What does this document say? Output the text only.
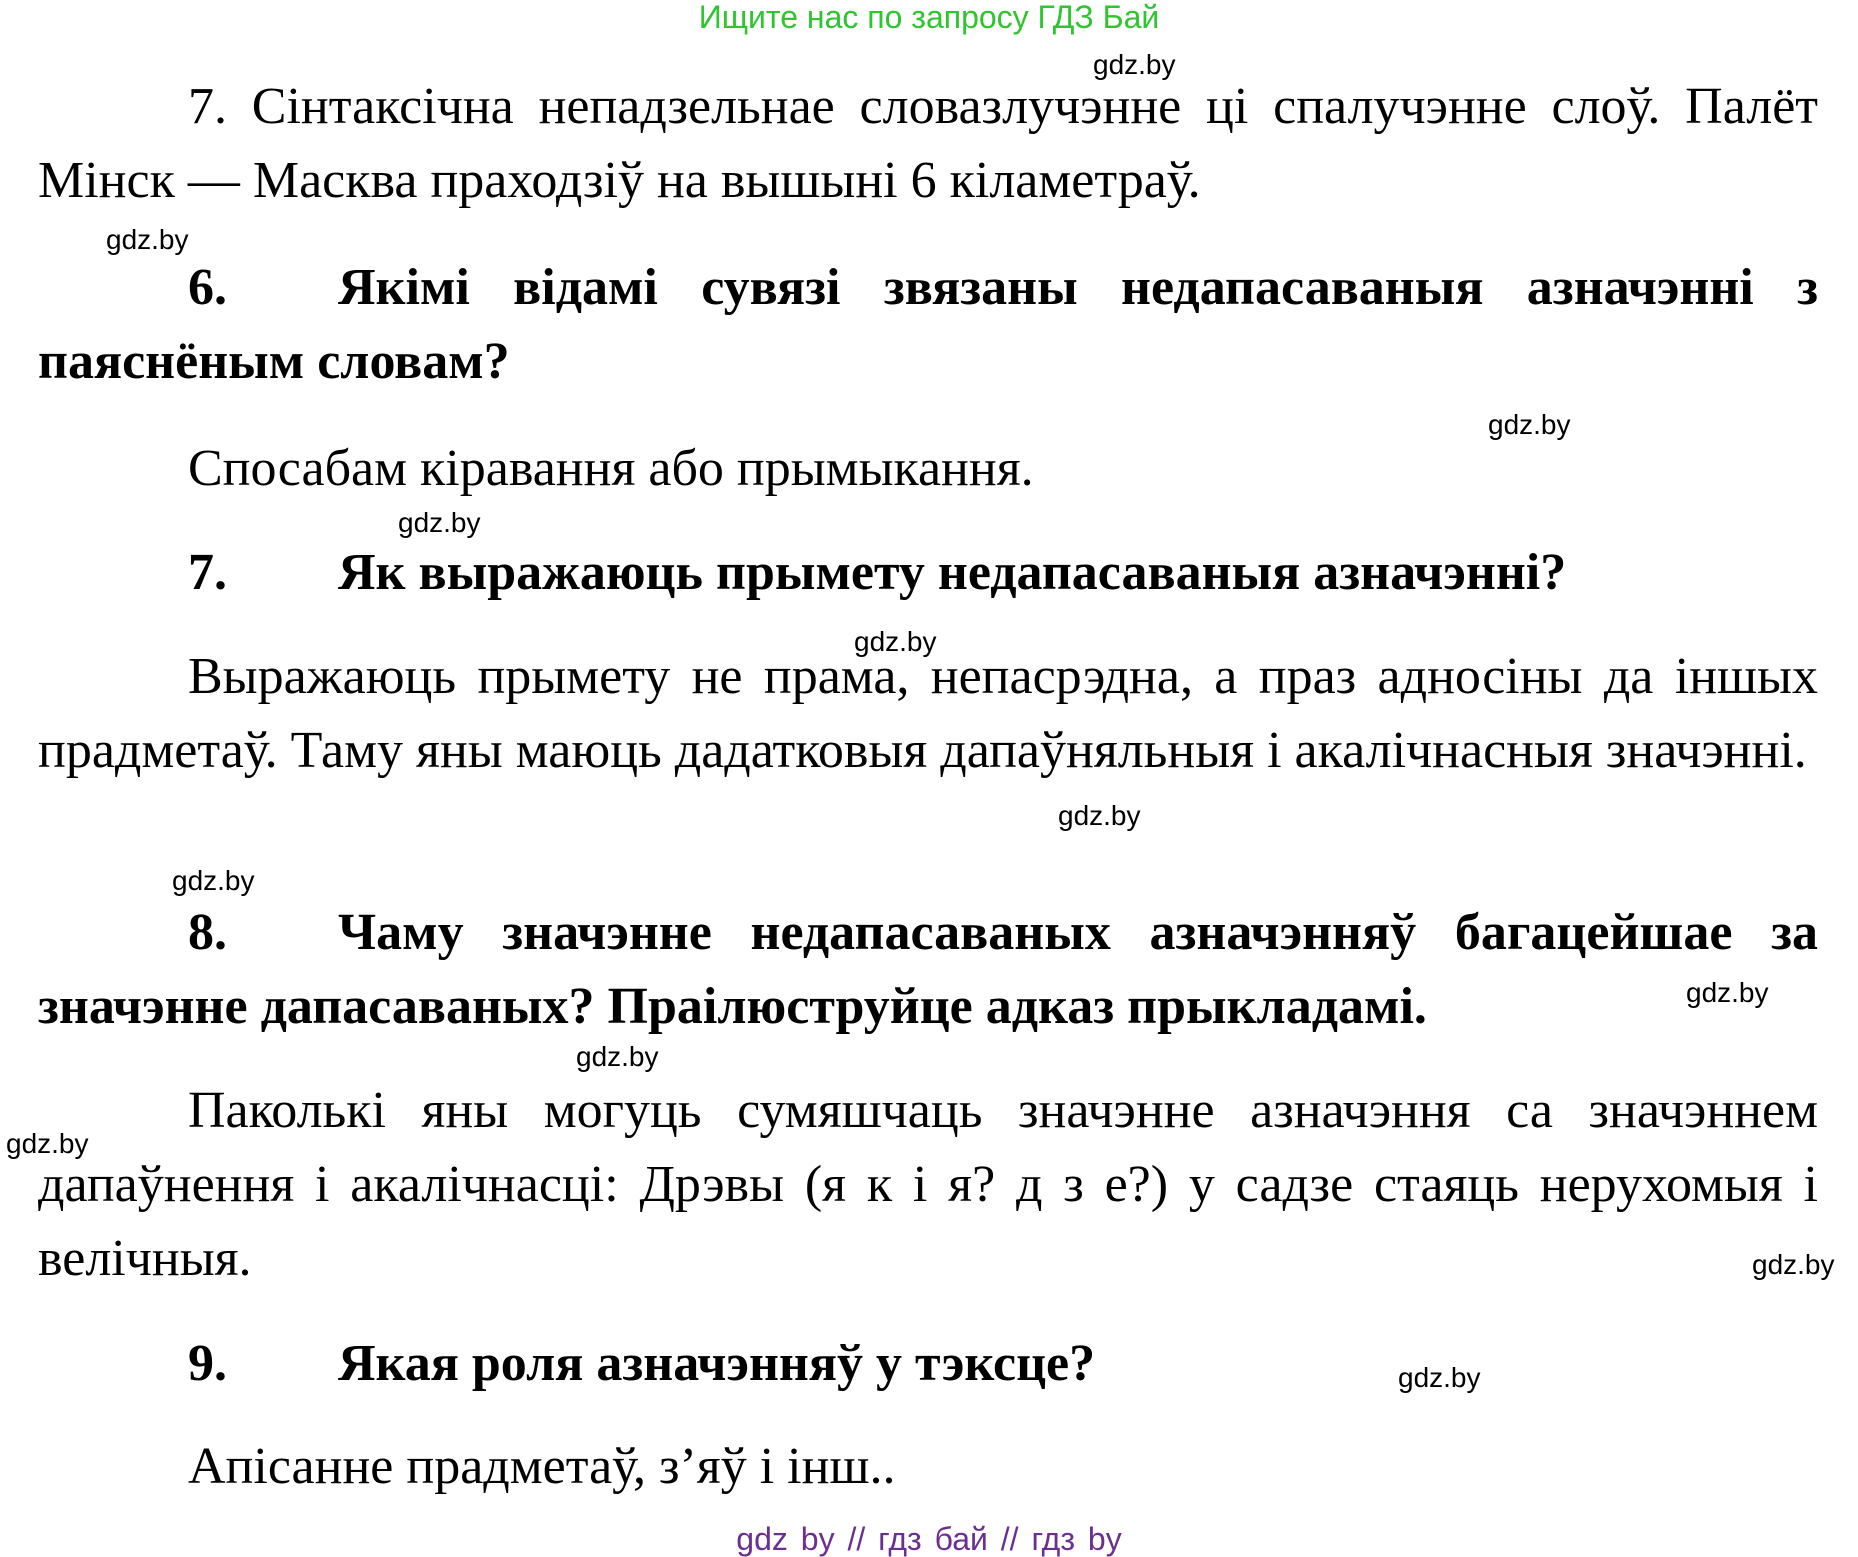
Ищите нас по запросу ГДЗ Бай
gdz.by
gdz.by
gdz.by
gdz.by
gdz.by
gdz.by
gdz.by
gdz.by
gdz.by
gdz.by
gdz.by
gdz.by
7. Сінтаксічна непадзельнае словазлучэнне ці спалучэнне слоў. Палёт Мінск — Масква праходзіў на вышыні 6 кіламетраў.
6. Якімі відамі сувязі звязаны недапасаваныя азначэнні з паяснёным словам?
Спосабам кіравання або прымыкання.
7. Як выражаюць прымету недапасаваныя азначэнні?
Выражаюць прымету не прама, непасрэдна, а праз адносіны да іншых прадметаў. Таму яны маюць дадатковыя дапаўняльныя і акалічнасныя значэнні.
8. Чаму значэнне недапасаваных азначэнняў багацейшае за значэнне дапасаваных? Праілюструйце адказ прыкладамі.
Паколькі яны могуць сумяшчаць значэнне азначэння са значэннем дапаўнення і акалічнасці: Дрэвы (я к і я? д з е?) у садзе стаяць нерухомыя і велічныя.
9. Якая роля азначэнняў у тэксце?
Апісанне прадметаў, з’яў і інш..
gdz by // гдз бай // гдз by
